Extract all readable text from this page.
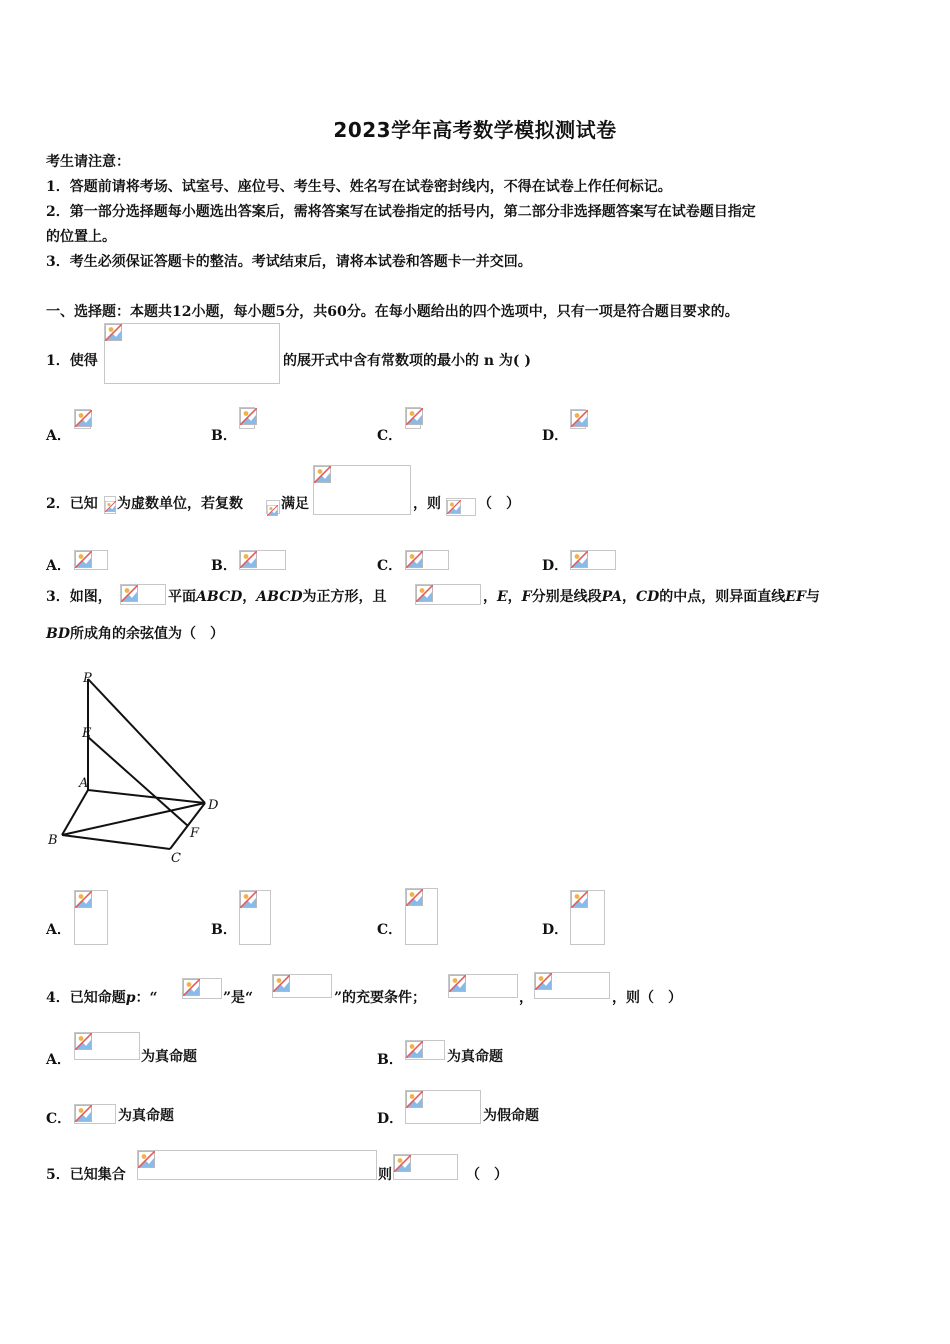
2023学年高考数学模拟测试卷
考生请注意：
1．答题前请将考场、试室号、座位号、考生号、姓名写在试卷密封线内，不得在试卷上作任何标记。
2．第一部分选择题每小题选出答案后，需将答案写在试卷指定的括号内，第二部分非选择题答案写在试卷题目指定
的位置上。
3．考生必须保证答题卡的整洁。考试结束后，请将本试卷和答题卡一并交回。
一、选择题：本题共12小题，每小题5分，共60分。在每小题给出的四个选项中，只有一项是符合题目要求的。
1．使得	的展开式中含有常数项的最小的 n 为( )
A．	B．	C．	D．
2．已知 为虚数单位，若复数	满足	，则	（　）
A．	B．	C．	D．
3．如图，	平面ABCD，ABCD为正方形，且	，E，F分别是线段PA，CD的中点，则异面直线EF与
BD所成角的余弦值为（　）
P
E
A
D
B	F
C
A．	B．	C．	D．
4．已知命题p：“	”是“	”的充要条件；	，	，则（　）
A．	为真命题	B．	为真命题
C．	为真命题	D．	为假命题
5．已知集合	则	（　）
